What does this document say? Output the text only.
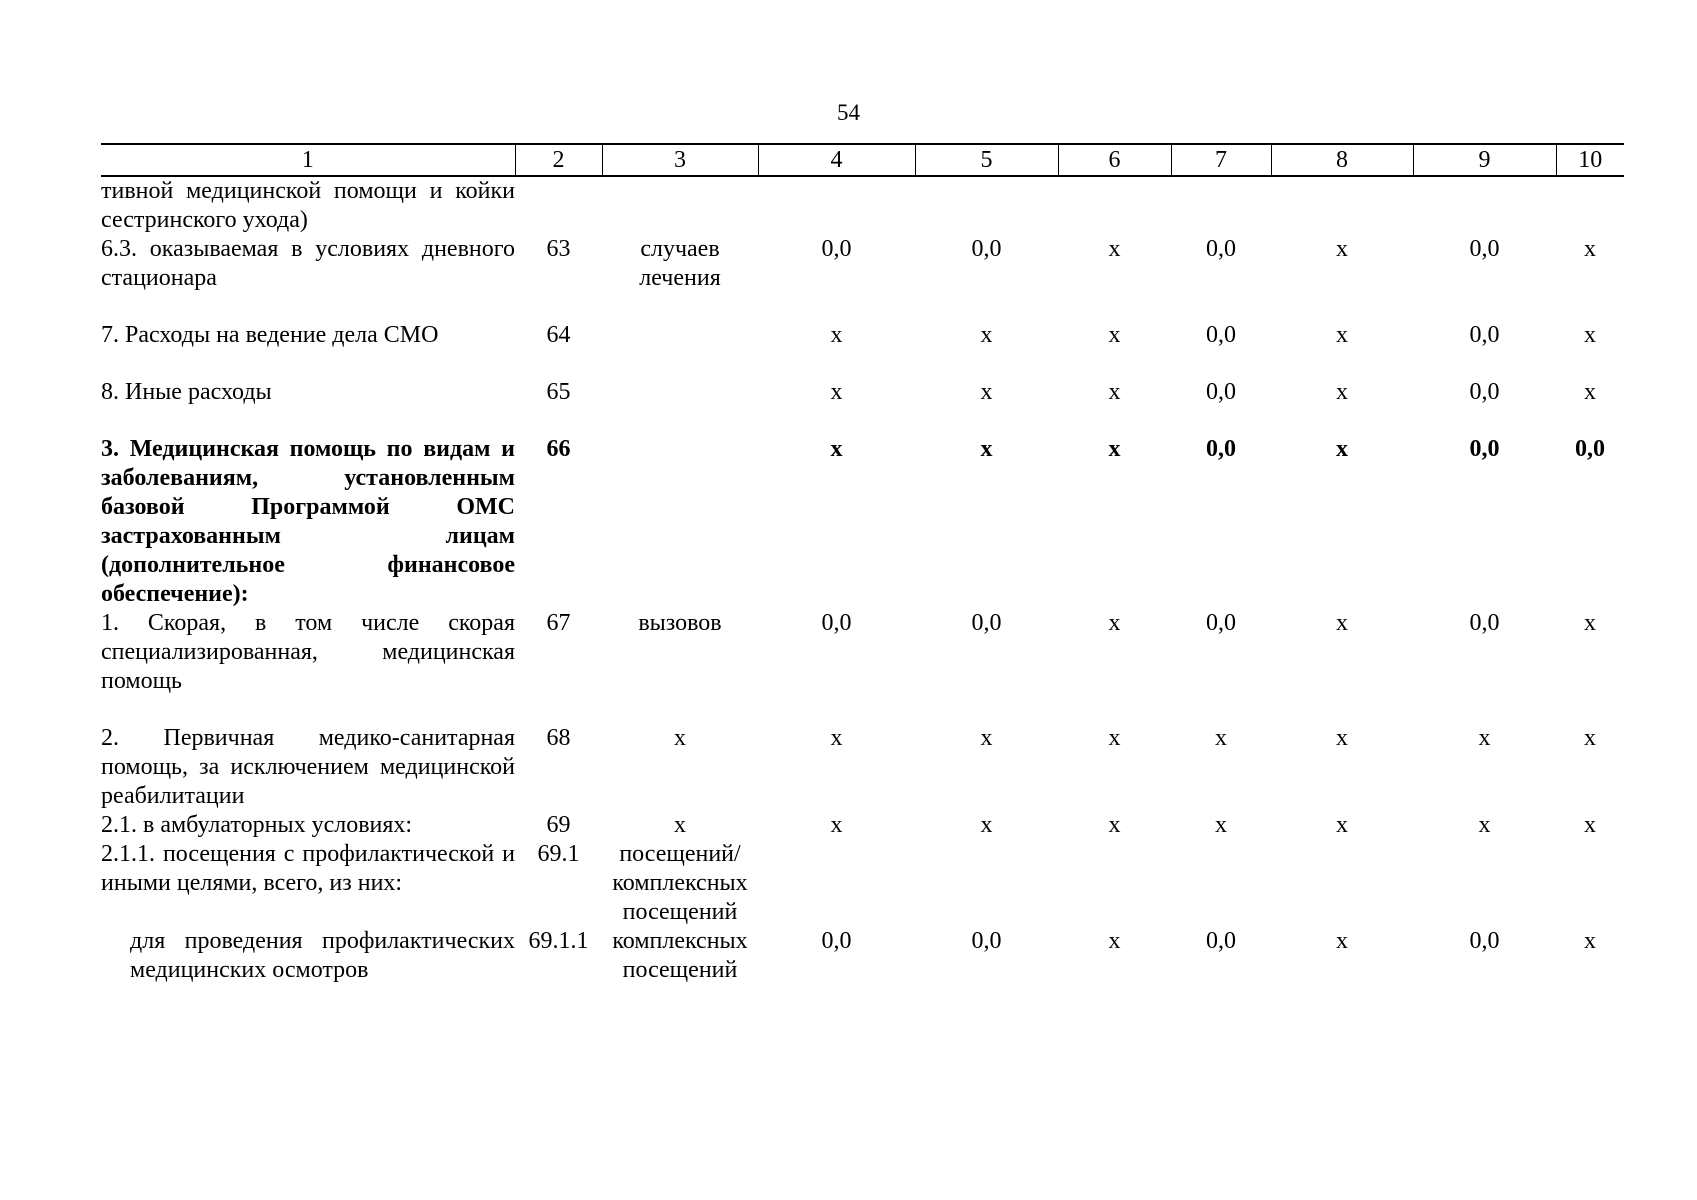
54
1	2	3	4	5	6	7	8	9	10
тивной медицинской помощи и койки сестринского ухода)									
6.3. оказываемая в условиях дневного стационара	63	случаев лечения	0,0	0,0	х	0,0	х	0,0	х
7. Расходы на ведение дела СМО	64		х	х	х	0,0	х	0,0	х
8. Иные расходы	65		х	х	х	0,0	х	0,0	х
3. Медицинская помощь по видам и заболеваниям, установленным базовой Программой ОМС застрахованным лицам (дополнительное финансовое обеспечение):	66		х	х	х	0,0	х	0,0	0,0
1. Скорая, в том числе скорая специализированная, медицинская помощь	67	вызовов	0,0	0,0	х	0,0	х	0,0	х
2. Первичная медико-санитарная помощь, за исключением медицинской реабилитации	68	х	х	х	х	х	х	х	х
2.1. в амбулаторных условиях:	69	х	х	х	х	х	х	х	х
2.1.1. посещения с профилактической и иными целями, всего, из них:	69.1	посещений/ комплексных посещений							
для проведения профилактических медицинских осмотров	69.1.1	комплексных посещений	0,0	0,0	х	0,0	х	0,0	х
